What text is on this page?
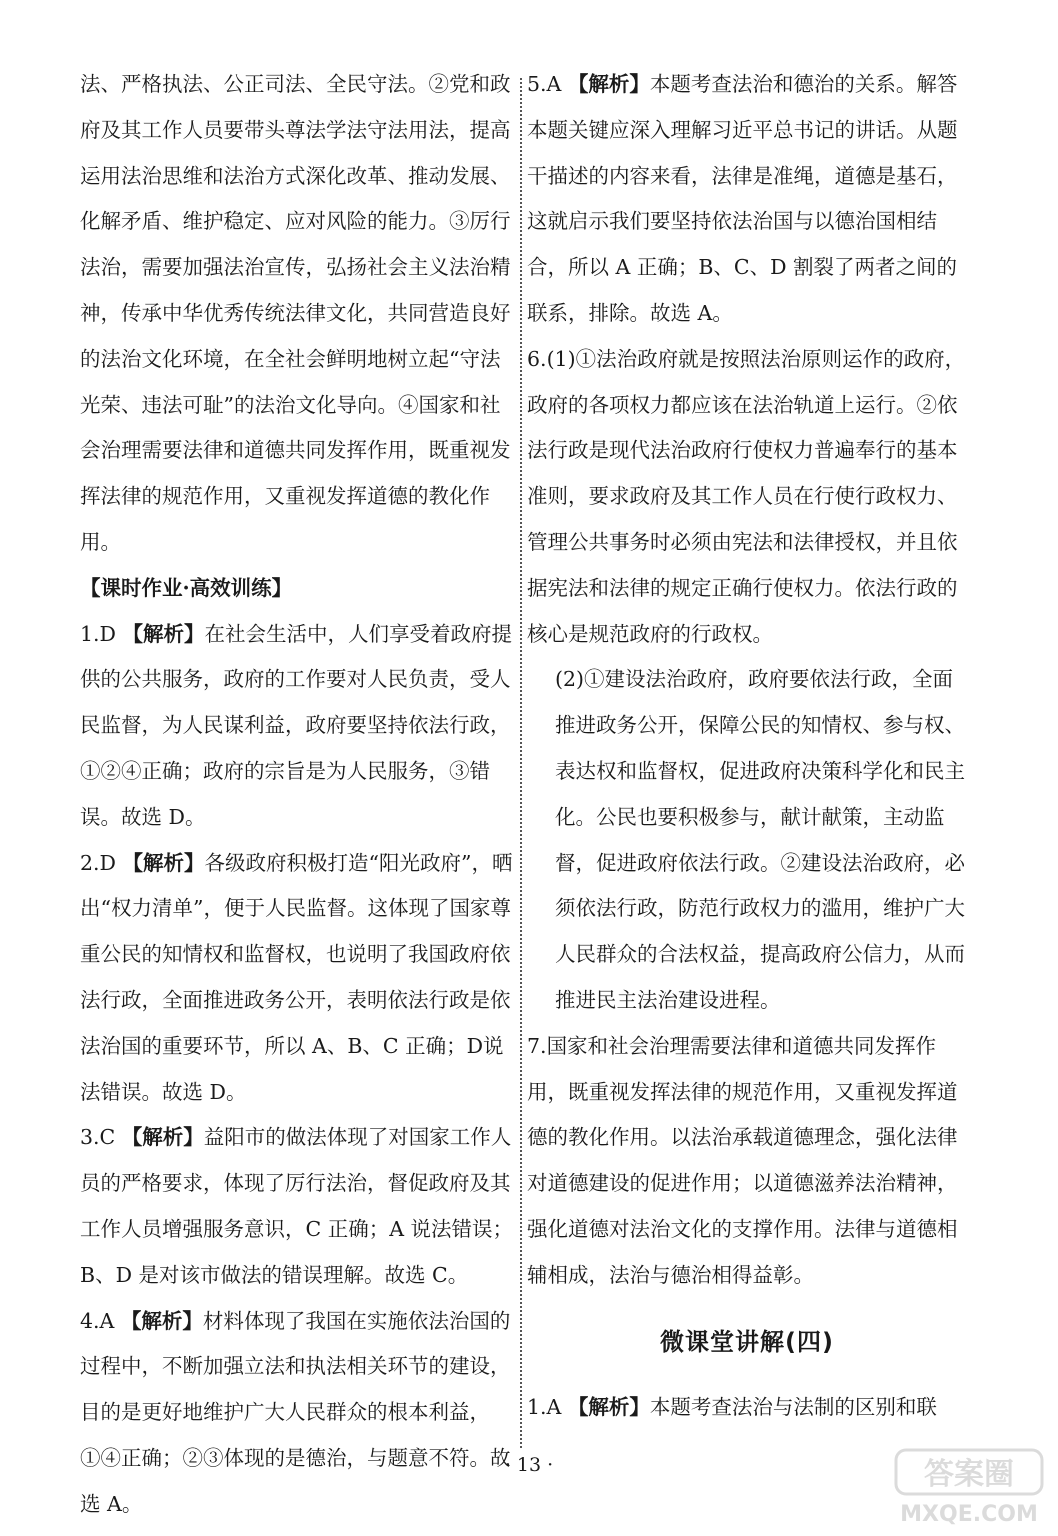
法、严格执法、公正司法、全民守法。②党和政府及其工作人员要带头尊法学法守法用法，提高运用法治思维和法治方式深化改革、推动发展、化解矛盾、维护稳定、应对风险的能力。③厉行法治，需要加强法治宣传，弘扬社会主义法治精神，传承中华优秀传统法律文化，共同营造良好的法治文化环境，在全社会鲜明地树立起“守法光荣、违法可耻”的法治文化导向。④国家和社会治理需要法律和道德共同发挥作用，既重视发挥法律的规范作用，又重视发挥道德的教化作用。

【课时作业·高效训练】

1.D 【解析】在社会生活中，人们享受着政府提供的公共服务，政府的工作要对人民负责，受人民监督，为人民谋利益，政府要坚持依法行政，①②④正确；政府的宗旨是为人民服务，③错误。故选 D。

2.D 【解析】各级政府积极打造“阳光政府”，晒出“权力清单”，便于人民监督。这体现了国家尊重公民的知情权和监督权，也说明了我国政府依法行政，全面推进政务公开，表明依法行政是依法治国的重要环节，所以 A、B、C 正确；D说法错误。故选 D。

3.C 【解析】益阳市的做法体现了对国家工作人员的严格要求，体现了厉行法治，督促政府及其工作人员增强服务意识，C 正确；A 说法错误；B、D 是对该市做法的错误理解。故选 C。

4.A 【解析】材料体现了我国在实施依法治国的过程中，不断加强立法和执法相关环节的建设，目的是更好地维护广大人民群众的根本利益，①④正确；②③体现的是德治，与题意不符。故选 A。

5.A 【解析】本题考查法治和德治的关系。解答本题关键应深入理解习近平总书记的讲话。从题干描述的内容来看，法律是准绳，道德是基石，这就启示我们要坚持依法治国与以德治国相结合，所以 A 正确；B、C、D 割裂了两者之间的联系，排除。故选 A。

6.(1)①法治政府就是按照法治原则运作的政府，政府的各项权力都应该在法治轨道上运行。②依法行政是现代法治政府行使权力普遍奉行的基本准则，要求政府及其工作人员在行使行政权力、管理公共事务时必须由宪法和法律授权，并且依据宪法和法律的规定正确行使权力。依法行政的核心是规范政府的行政权。
(2)①建设法治政府，政府要依法行政，全面推进政务公开，保障公民的知情权、参与权、表达权和监督权，促进政府决策科学化和民主化。公民也要积极参与，献计献策，主动监督，促进政府依法行政。②建设法治政府，必须依法行政，防范行政权力的滥用，维护广大人民群众的合法权益，提高政府公信力，从而推进民主法治建设进程。

7.国家和社会治理需要法律和道德共同发挥作用，既重视发挥法律的规范作用，又重视发挥道德的教化作用。以法治承载道德理念，强化法律对道德建设的促进作用；以道德滋养法治精神，强化道德对法治文化的支撑作用。法律与道德相辅相成，法治与德治相得益彰。

微课堂讲解(四)

1.A 【解析】本题考查法治与法制的区别和联

· 13 ·	答案圈
MXQE.COM
